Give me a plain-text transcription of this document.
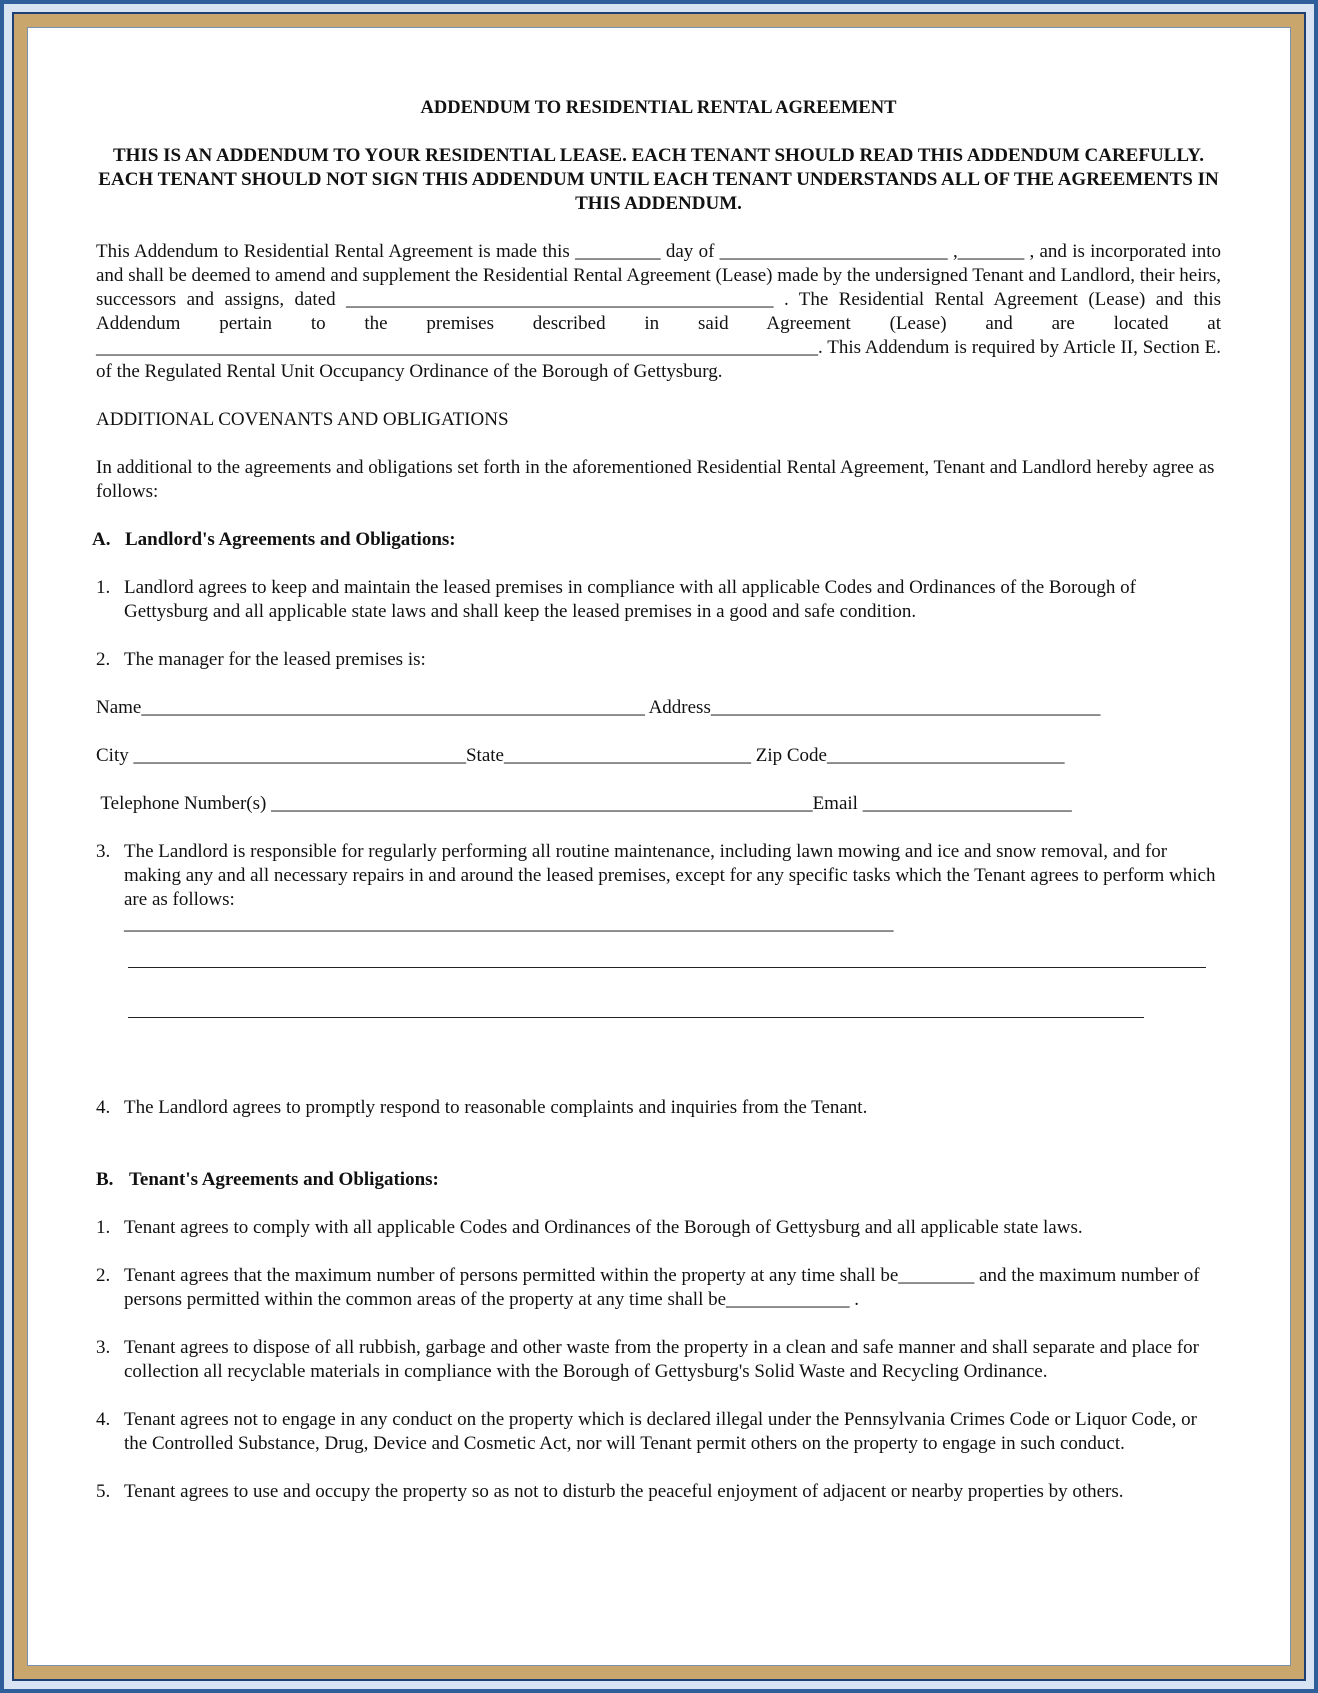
ADDENDUM TO RESIDENTIAL RENTAL AGREEMENT
THIS IS AN ADDENDUM TO YOUR RESIDENTIAL LEASE. EACH TENANT SHOULD READ THIS ADDENDUM CAREFULLY. EACH TENANT SHOULD NOT SIGN THIS ADDENDUM UNTIL EACH TENANT UNDERSTANDS ALL OF THE AGREEMENTS IN THIS ADDENDUM.

This Addendum to Residential Rental Agreement is made this _________ day of ________________________ ,_______ , and is incorporated into and shall be deemed to amend and supplement the Residential Rental Agreement (Lease) made by the undersigned Tenant and Landlord, their heirs, successors and assigns, dated _____________________________________________ . The Residential Rental Agreement (Lease) and this Addendum pertain to the premises described in said Agreement (Lease) and are located at ____________________________________________________________________________. This Addendum is required by Article II, Section E. of the Regulated Rental Unit Occupancy Ordinance of the Borough of Gettysburg.

ADDITIONAL COVENANTS AND OBLIGATIONS

In additional to the agreements and obligations set forth in the aforementioned Residential Rental Agreement, Tenant and Landlord hereby agree as follows:

A. Landlord's Agreements and Obligations:
1. Landlord agrees to keep and maintain the leased premises in compliance with all applicable Codes and Ordinances of the Borough of Gettysburg and all applicable state laws and shall keep the leased premises in a good and safe condition.
2. The manager for the leased premises is:
Name_____________________________________________________ Address_________________________________________
City ___________________________________State__________________________ Zip Code_________________________
Telephone Number(s) _________________________________________________________Email ______________________
3. The Landlord is responsible for regularly performing all routine maintenance, including lawn mowing and ice and snow removal, and for making any and all necessary repairs in and around the leased premises, except for any specific tasks which the Tenant agrees to perform which are as follows:
_________________________________________________________________________________
4. The Landlord agrees to promptly respond to reasonable complaints and inquiries from the Tenant.
B. Tenant's Agreements and Obligations:
1. Tenant agrees to comply with all applicable Codes and Ordinances of the Borough of Gettysburg and all applicable state laws.
2. Tenant agrees that the maximum number of persons permitted within the property at any time shall be________ and the maximum number of persons permitted within the common areas of the property at any time shall be_____________ .
3. Tenant agrees to dispose of all rubbish, garbage and other waste from the property in a clean and safe manner and shall separate and place for collection all recyclable materials in compliance with the Borough of Gettysburg's Solid Waste and Recycling Ordinance.
4. Tenant agrees not to engage in any conduct on the property which is declared illegal under the Pennsylvania Crimes Code or Liquor Code, or the Controlled Substance, Drug, Device and Cosmetic Act, nor will Tenant permit others on the property to engage in such conduct.
5. Tenant agrees to use and occupy the property so as not to disturb the peaceful enjoyment of adjacent or nearby properties by others.
